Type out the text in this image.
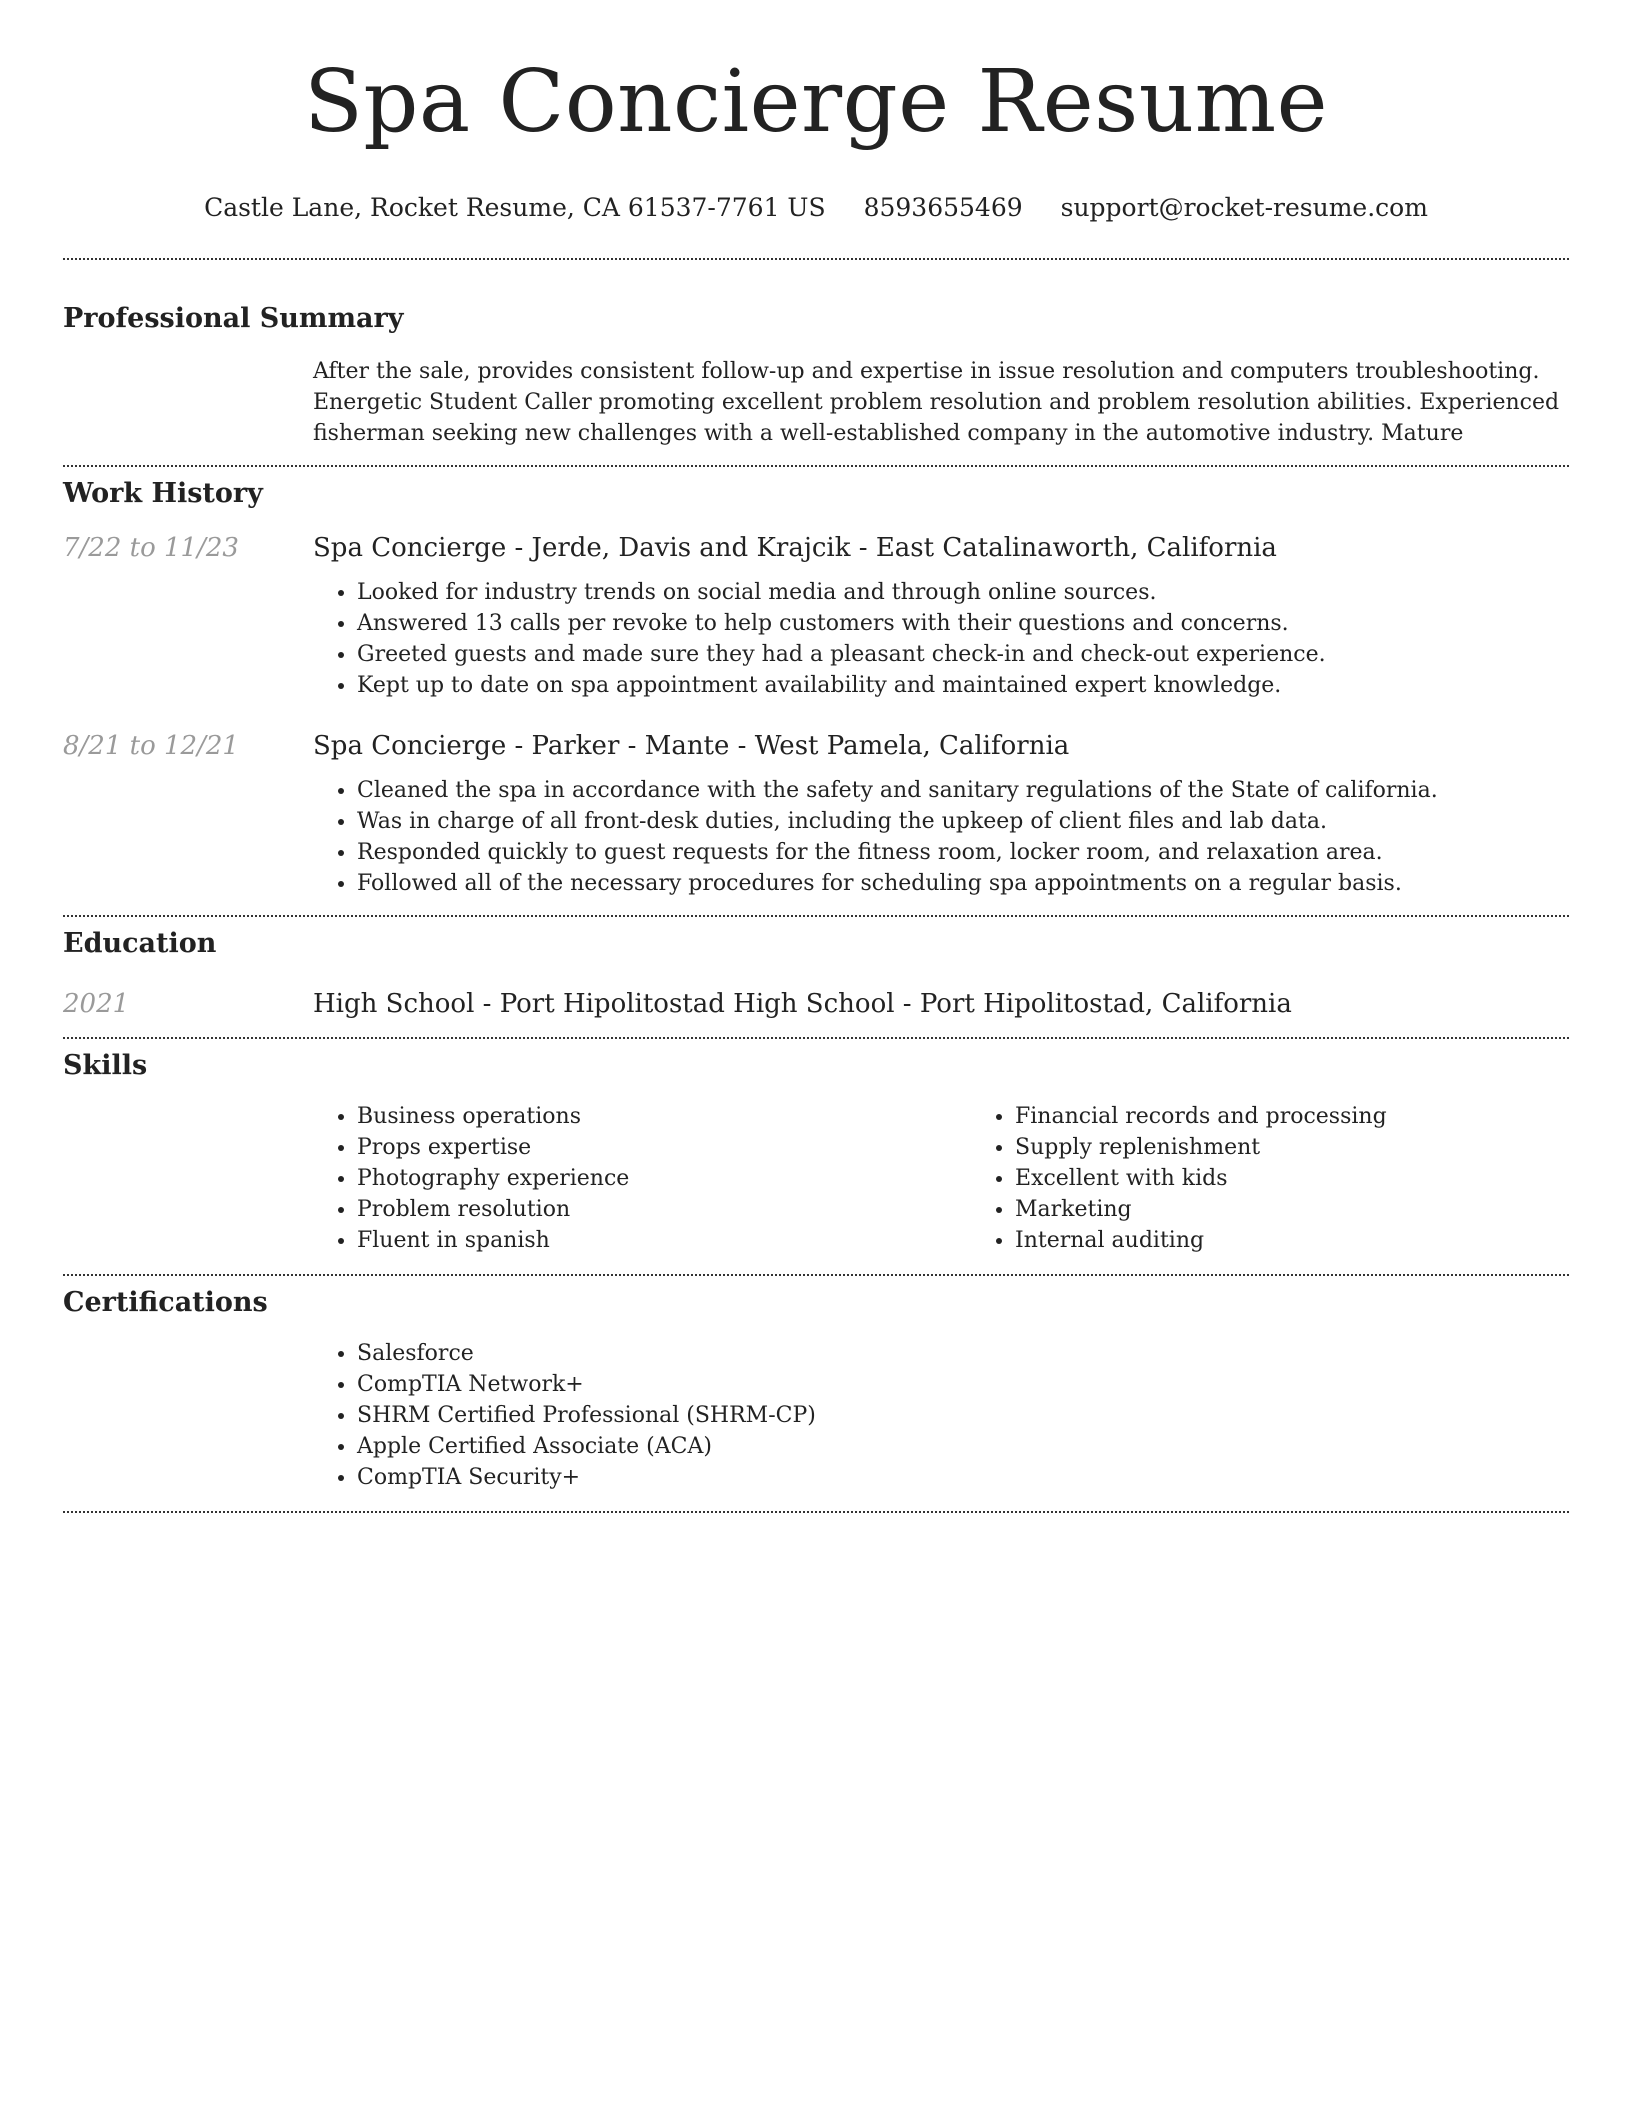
Spa Concierge Resume
Castle Lane, Rocket Resume, CA 61537-7761 US 8593655469 support@rocket-resume.com
Professional Summary
After the sale, provides consistent follow-up and expertise in issue resolution and computers troubleshooting. Energetic Student Caller promoting excellent problem resolution and problem resolution abilities. Experienced fisherman seeking new challenges with a well-established company in the automotive industry. Mature
Work History
7/22 to 11/23	Spa Concierge - Jerde, Davis and Krajcik - East Catalinaworth, California
• Looked for industry trends on social media and through online sources.
• Answered 13 calls per revoke to help customers with their questions and concerns.
• Greeted guests and made sure they had a pleasant check-in and check-out experience.
• Kept up to date on spa appointment availability and maintained expert knowledge.
8/21 to 12/21	Spa Concierge - Parker - Mante - West Pamela, California
• Cleaned the spa in accordance with the safety and sanitary regulations of the State of california.
• Was in charge of all front-desk duties, including the upkeep of client files and lab data.
• Responded quickly to guest requests for the fitness room, locker room, and relaxation area.
• Followed all of the necessary procedures for scheduling spa appointments on a regular basis.
Education
2021	High School - Port Hipolitostad High School - Port Hipolitostad, California
Skills
• Business operations
• Props expertise
• Photography experience
• Problem resolution
• Fluent in spanish
• Financial records and processing
• Supply replenishment
• Excellent with kids
• Marketing
• Internal auditing
Certifications
• Salesforce
• CompTIA Network+
• SHRM Certified Professional (SHRM-CP)
• Apple Certified Associate (ACA)
• CompTIA Security+
